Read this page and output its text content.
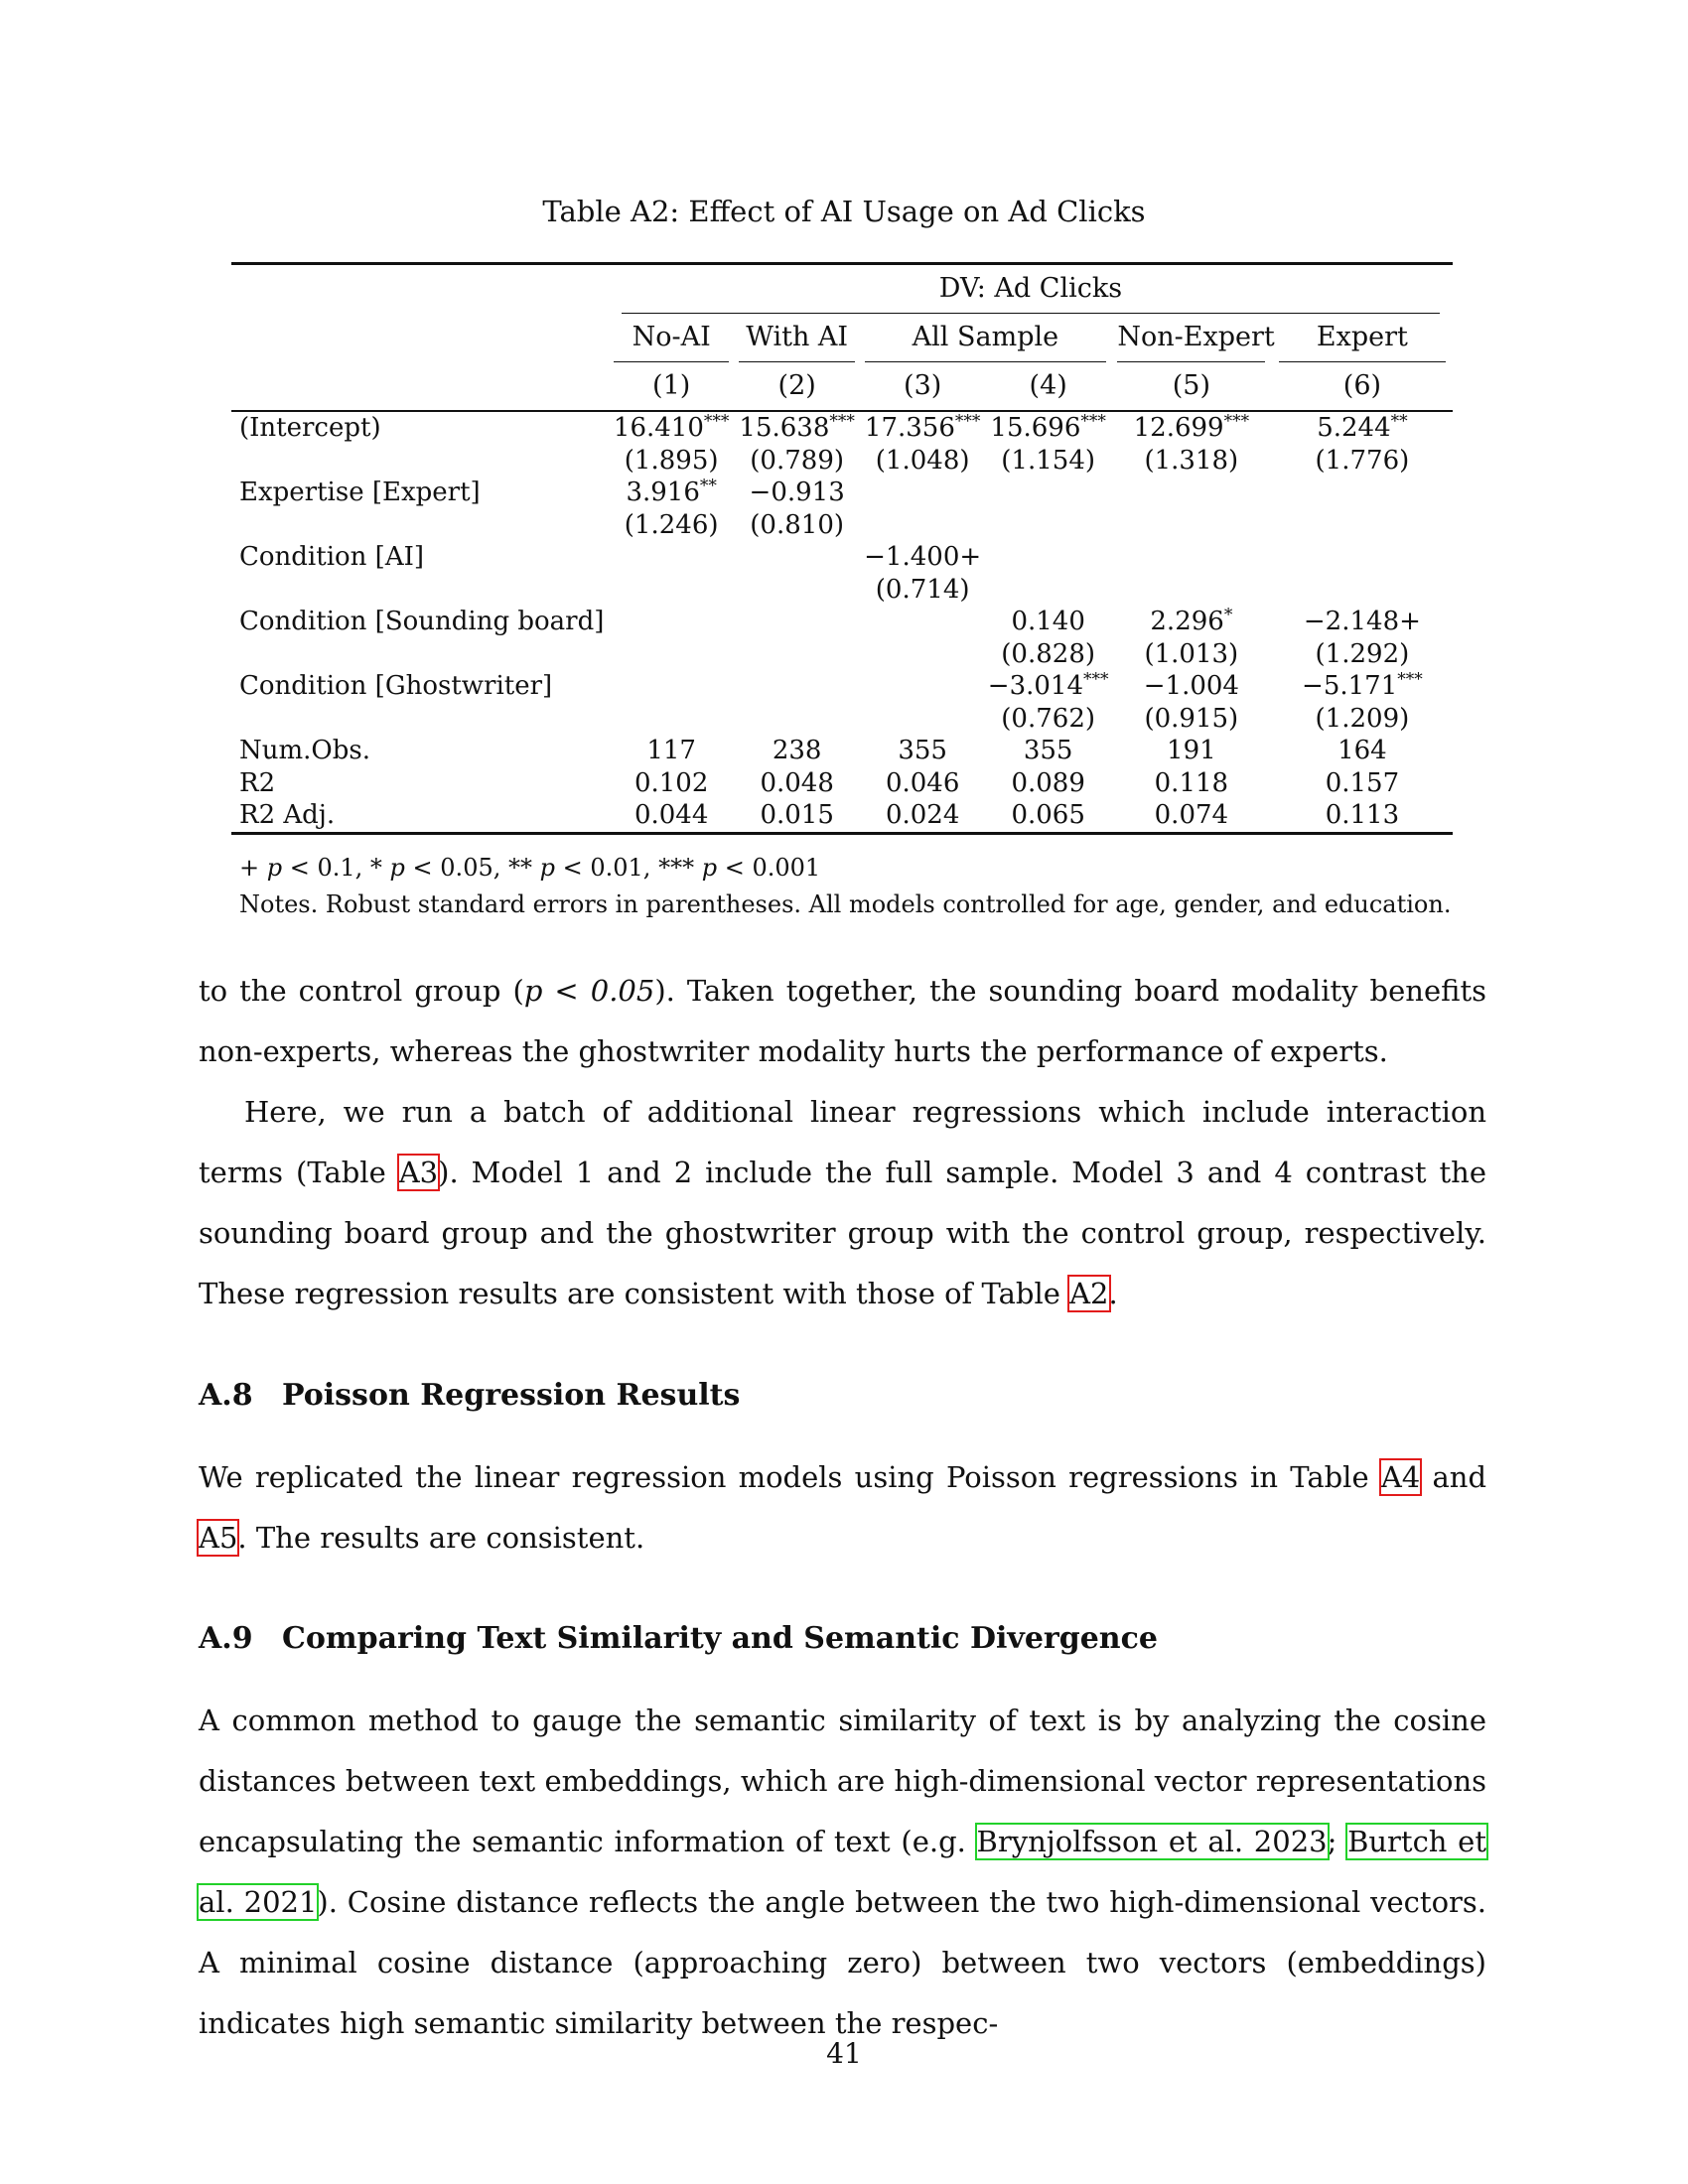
Table A2: Effect of AI Usage on Ad Clicks
	DV: Ad Clicks					
	No-AI	With AI	All Sample		Non-Expert	Expert
	(1)	(2)	(3)	(4)	(5)	(6)
(Intercept)	16.410***	15.638***	17.356***	15.696***	12.699***	5.244**
	(1.895)	(0.789)	(1.048)	(1.154)	(1.318)	(1.776)
Expertise [Expert]	3.916**	−0.913				
	(1.246)	(0.810)				
Condition [AI]			−1.400+			
			(0.714)			
Condition [Sounding board]				0.140	2.296*	−2.148+
				(0.828)	(1.013)	(1.292)
Condition [Ghostwriter]				−3.014***	−1.004	−5.171***
				(0.762)	(0.915)	(1.209)
Num.Obs.	117	238	355	355	191	164
R2	0.102	0.048	0.046	0.089	0.118	0.157
R2 Adj.	0.044	0.015	0.024	0.065	0.074	0.113
+ p < 0.1, * p < 0.05, ** p < 0.01, *** p < 0.001
Notes. Robust standard errors in parentheses. All models controlled for age, gender, and education.
to the control group (p < 0.05). Taken together, the sounding board modality benefits non-experts, whereas the ghostwriter modality hurts the performance of experts.
Here, we run a batch of additional linear regressions which include interaction terms (Table A3). Model 1 and 2 include the full sample. Model 3 and 4 contrast the sounding board group and the ghostwriter group with the control group, respectively. These regression results are consistent with those of Table A2.
A.8 Poisson Regression Results
We replicated the linear regression models using Poisson regressions in Table A4 and A5. The results are consistent.
A.9 Comparing Text Similarity and Semantic Divergence
A common method to gauge the semantic similarity of text is by analyzing the cosine distances between text embeddings, which are high-dimensional vector representations encapsulating the semantic information of text (e.g. Brynjolfsson et al. 2023; Burtch et al. 2021). Cosine distance reflects the angle between the two high-dimensional vectors. A minimal cosine distance (approaching zero) between two vectors (embeddings) indicates high semantic similarity between the respec-
41
